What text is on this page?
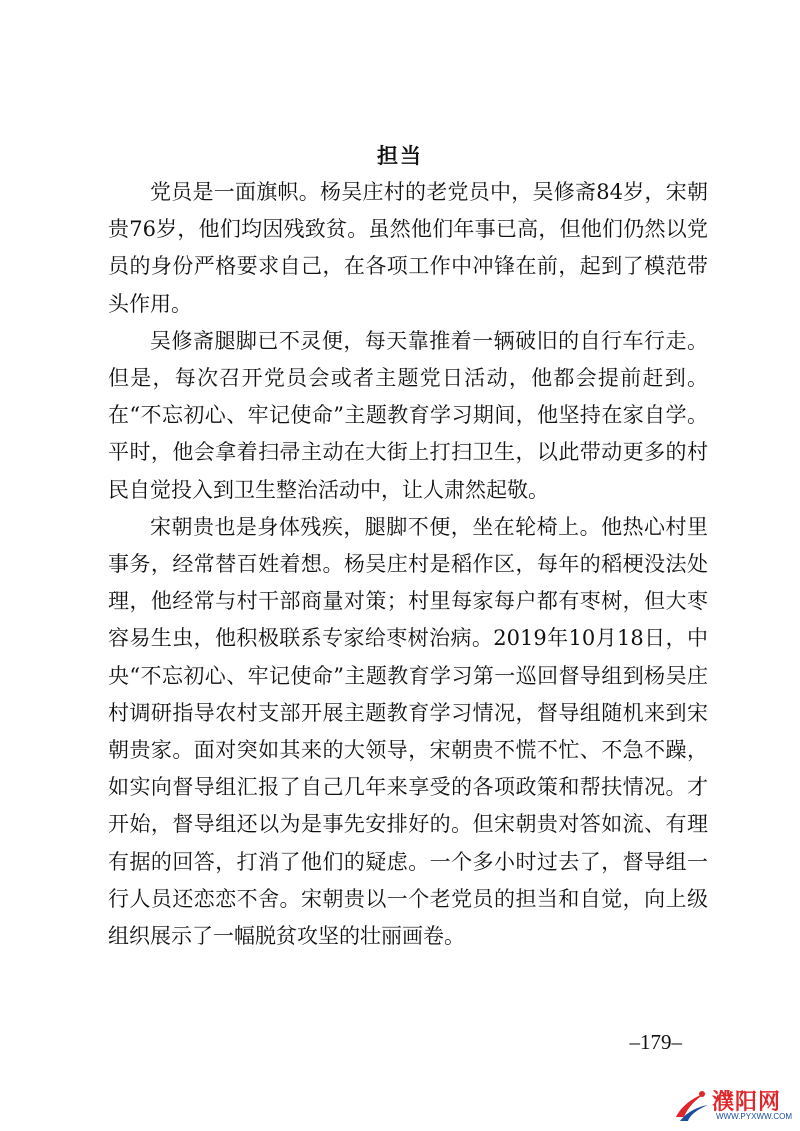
担当

党员是一面旗帜。杨吴庄村的老党员中，吴修斋84岁，宋朝贵76岁，他们均因残致贫。虽然他们年事已高，但他们仍然以党员的身份严格要求自己，在各项工作中冲锋在前，起到了模范带头作用。

吴修斋腿脚已不灵便，每天靠推着一辆破旧的自行车行走。但是，每次召开党员会或者主题党日活动，他都会提前赶到。在“不忘初心、牢记使命”主题教育学习期间，他坚持在家自学。平时，他会拿着扫帚主动在大街上打扫卫生，以此带动更多的村民自觉投入到卫生整治活动中，让人肃然起敬。

宋朝贵也是身体残疾，腿脚不便，坐在轮椅上。他热心村里事务，经常替百姓着想。杨吴庄村是稻作区，每年的稻梗没法处理，他经常与村干部商量对策；村里每家每户都有枣树，但大枣容易生虫，他积极联系专家给枣树治病。2019年10月18日，中央“不忘初心、牢记使命”主题教育学习第一巡回督导组到杨吴庄村调研指导农村支部开展主题教育学习情况，督导组随机来到宋朝贵家。面对突如其来的大领导，宋朝贵不慌不忙、不急不躁，如实向督导组汇报了自己几年来享受的各项政策和帮扶情况。才开始，督导组还以为是事先安排好的。但宋朝贵对答如流、有理有据的回答，打消了他们的疑虑。一个多小时过去了，督导组一行人员还恋恋不舍。宋朝贵以一个老党员的担当和自觉，向上级组织展示了一幅脱贫攻坚的壮丽画卷。

–179–
濮阳网
WWW.PYXWW.COM
